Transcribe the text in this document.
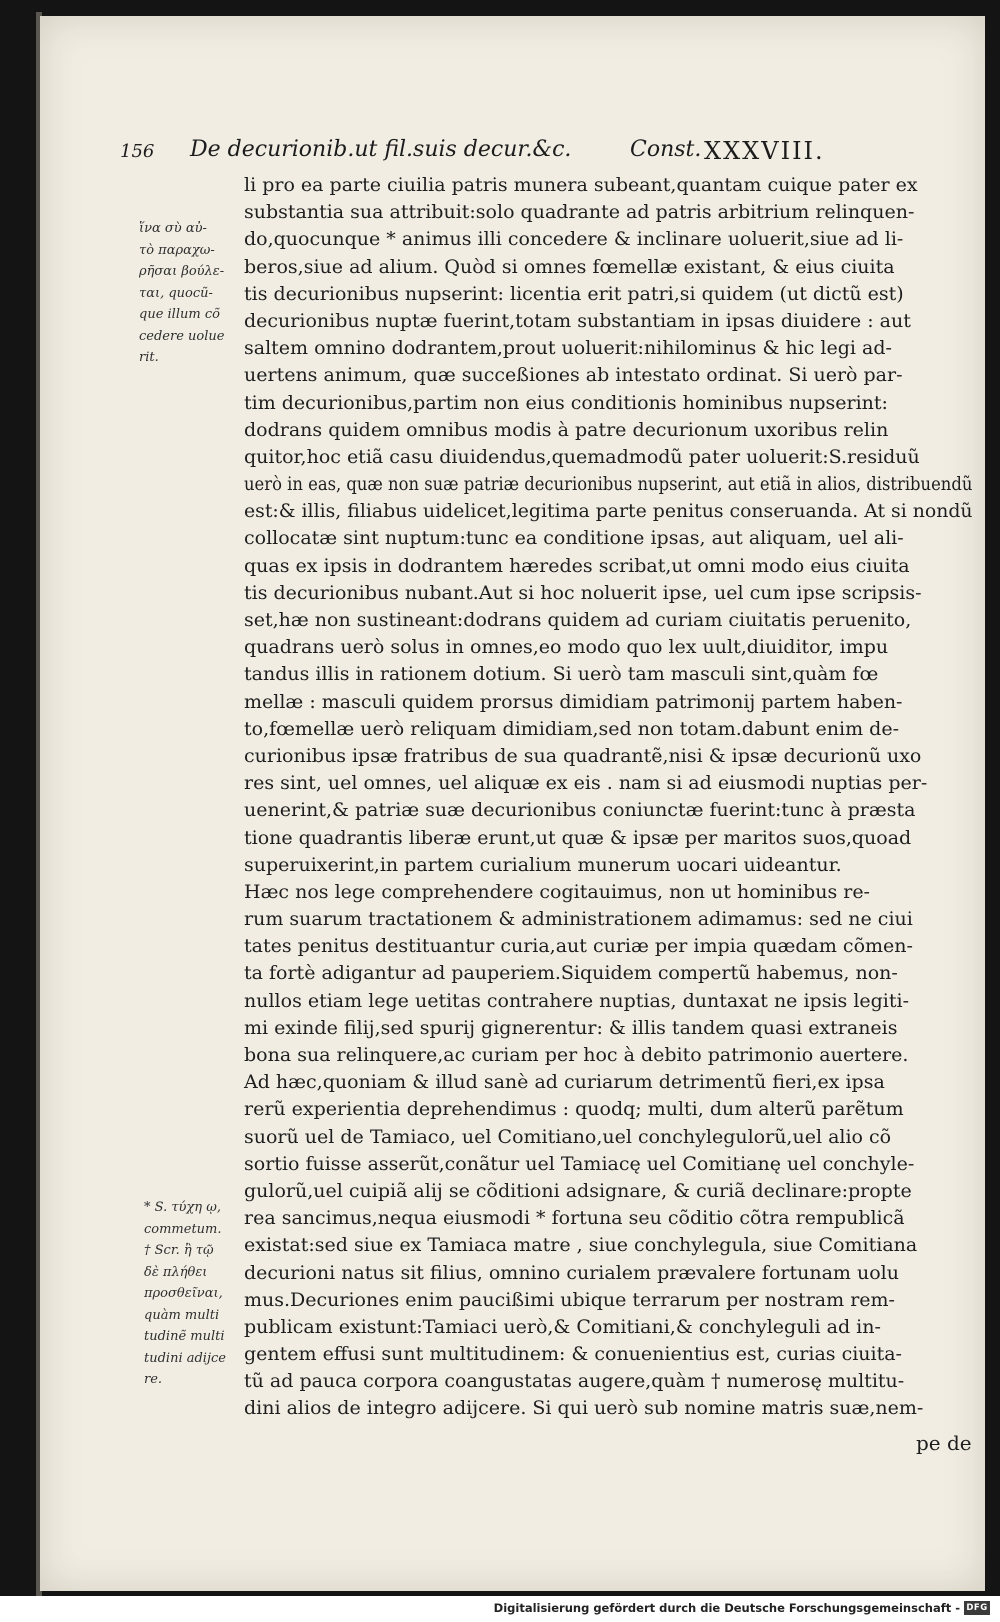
156 De decurionib.ut fil.suis decur.&c.	Const. XXXVIII.
ἵνα σὺ αὐ-
τὸ παραχω-
ρῆσαι βούλε-
ται, quocũ-
que illum cõ
cedere uolue
rit.
li pro ea parte ciuilia patris munera subeant,quantam cuique pater ex
substantia sua attribuit:solo quadrante ad patris arbitrium relinquen-
do,quocunque * animus illi concedere & inclinare uoluerit,siue ad li-
beros,siue ad alium. Quòd si omnes fœmellæ existant, & eius ciuita
tis decurionibus nupserint: licentia erit patri,si quidem (ut dictũ est)
decurionibus nuptæ fuerint,totam substantiam in ipsas diuidere : aut
saltem omnino dodrantem,prout uoluerit:nihilominus & hic legi ad-
uertens animum, quæ succeßiones ab intestato ordinat. Si uerò par-
tim decurionibus,partim non eius conditionis hominibus nupserint:
dodrans quidem omnibus modis à patre decurionum uxoribus relin
quitor,hoc etiã casu diuidendus,quemadmodũ pater uoluerit:S.residuũ
uerò in eas, quæ non suæ patriæ decurionibus nupserint, aut etiã in alios, distribuendũ
est:& illis, filiabus uidelicet,legitima parte penitus conseruanda. At si nondũ
collocatæ sint nuptum:tunc ea conditione ipsas, aut aliquam, uel ali-
quas ex ipsis in dodrantem hæredes scribat,ut omni modo eius ciuita
tis decurionibus nubant.Aut si hoc noluerit ipse, uel cum ipse scripsis-
set,hæ non sustineant:dodrans quidem ad curiam ciuitatis peruenito,
quadrans uerò solus in omnes,eo modo quo lex uult,diuiditor, impu
tandus illis in rationem dotium. Si uerò tam masculi sint,quàm fœ
mellæ : masculi quidem prorsus dimidiam patrimonij partem haben-
to,fœmellæ uerò reliquam dimidiam,sed non totam.dabunt enim de-
curionibus ipsæ fratribus de sua quadrantẽ,nisi & ipsæ decurionũ uxo
res sint, uel omnes, uel aliquæ ex eis . nam si ad eiusmodi nuptias per-
uenerint,& patriæ suæ decurionibus coniunctæ fuerint:tunc à præsta
tione quadrantis liberæ erunt,ut quæ & ipsæ per maritos suos,quoad
superuixerint,in partem curialium munerum uocari uideantur.
Hæc nos lege comprehendere cogitauimus, non ut hominibus re-
rum suarum tractationem & administrationem adimamus: sed ne ciui
tates penitus destituantur curia,aut curiæ per impia quædam cõmen-
ta fortè adigantur ad pauperiem.Siquidem compertũ habemus, non-
nullos etiam lege uetitas contrahere nuptias, duntaxat ne ipsis legiti-
mi exinde filij,sed spurij gignerentur: & illis tandem quasi extraneis
bona sua relinquere,ac curiam per hoc à debito patrimonio auertere.
Ad hæc,quoniam & illud sanè ad curiarum detrimentũ fieri,ex ipsa
rerũ experientia deprehendimus : quodq; multi, dum alterũ parẽtum
suorũ uel de Tamiaco, uel Comitiano,uel conchylegulorũ,uel alio cõ
sortio fuisse asserũt,conãtur uel Tamiacę uel Comitianę uel conchyle-
gulorũ,uel cuipiã alij se cõditioni adsignare, & curiã declinare:propte
rea sancimus,nequa eiusmodi * fortuna seu cõditio cõtra rempublicã
existat:sed siue ex Tamiaca matre , siue conchylegula, siue Comitiana
decurioni natus sit filius, omnino curialem prævalere fortunam uolu
mus.Decuriones enim paucißimi ubique terrarum per nostram rem-
publicam existunt:Tamiaci uerò,& Comitiani,& conchyleguli ad in-
gentem effusi sunt multitudinem: & conuenientius est, curias ciuita-
tũ ad pauca corpora coangustatas augere,quàm † numerosę multitu-
dini alios de integro adijcere. Si qui uerò sub nomine matris suæ,nem-
* S. τύχη ῳ,
commetum.
† Scr. ἢ τῷ
δὲ πλήθει
προσθεῖναι,
quàm multi
tudinẽ multi
tudini adijce
re.
pe de
Digitalisierung gefördert durch die Deutsche Forschungsgemeinschaft - DFG
